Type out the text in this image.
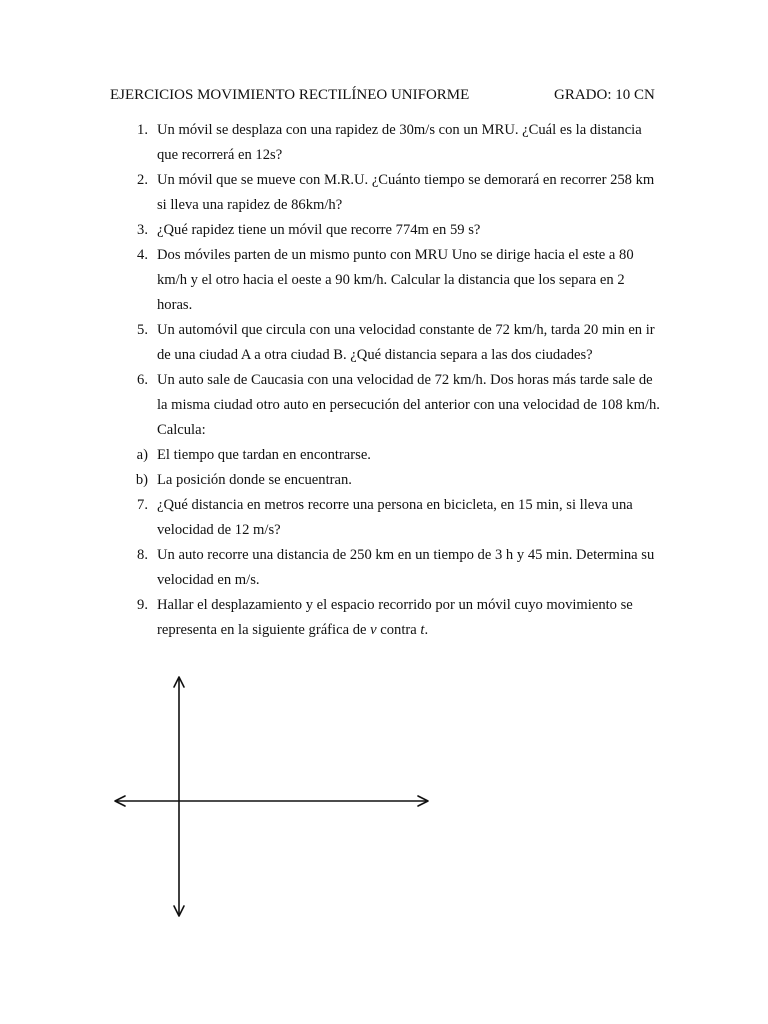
EJERCICIOS MOVIMIENTO RECTILÍNEO UNIFORME	GRADO: 10 CN
1. Un móvil se desplaza con una rapidez de 30m/s con un MRU. ¿Cuál es la distancia que recorrerá en 12s?
2. Un móvil que se mueve con M.R.U. ¿Cuánto tiempo se demorará en recorrer 258 km si lleva una rapidez de 86km/h?
3. ¿Qué rapidez tiene un móvil que recorre 774m en 59 s?
4. Dos móviles parten de un mismo punto con MRU Uno se dirige hacia el este a 80 km/h y el otro hacia el oeste a 90 km/h. Calcular la distancia que los separa en 2 horas.
5. Un automóvil que circula con una velocidad constante de 72 km/h, tarda 20 min en ir de una ciudad A a otra ciudad B. ¿Qué distancia separa a las dos ciudades?
6. Un auto sale de Caucasia con una velocidad de 72 km/h. Dos horas más tarde sale de la misma ciudad otro auto en persecución del anterior con una velocidad de 108 km/h. Calcula:
a) El tiempo que tardan en encontrarse.
b) La posición donde se encuentran.
7. ¿Qué distancia en metros recorre una persona en bicicleta, en 15 min, si lleva una velocidad de 12 m/s?
8. Un auto recorre una distancia de 250 km en un tiempo de 3 h y 45 min. Determina su velocidad en m/s.
9. Hallar el desplazamiento y el espacio recorrido por un móvil cuyo movimiento se representa en la siguiente gráfica de v contra t.
